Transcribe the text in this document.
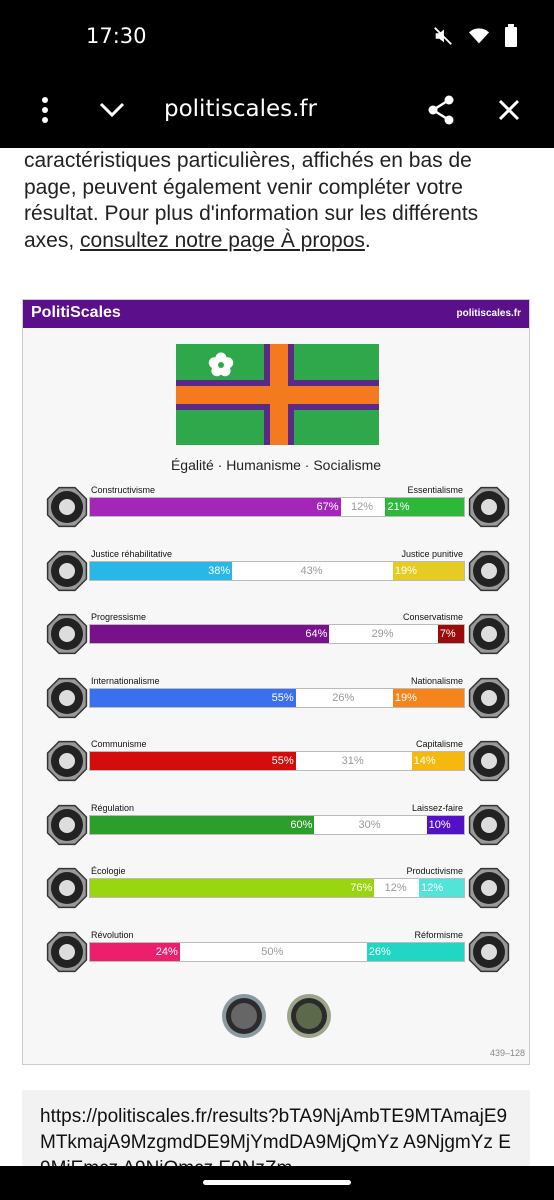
17:30
politiscales.fr
caractéristiques particulières, affichés en bas de
page, peuvent également venir compléter votre
résultat. Pour plus d'information sur les différents
axes, consultez notre page À propos.
PolitiScales	politiscales.fr
Égalité · Humanisme · Socialisme
Constructivisme	Essentialisme
67%	12%	21%
Justice réhabilitative	Justice punitive
38%	43%	19%
Progressisme	Conservatisme
64%	29%	7%
Internationalisme	Nationalisme
55%	26%	19%
Communisme	Capitalisme
55%	31%	14%
Régulation	Laissez-faire
60%	30%	10%
Écologie	Productivisme
76%	12%	12%
Révolution	Réformisme
24%	50%	26%
439–128
https://politiscales.fr/results?bTA9NjAmbTE9MTAmajE9MTkmajA9MzgmdDE9MjYmdDA9MjQmYz A9NjgmYz E
